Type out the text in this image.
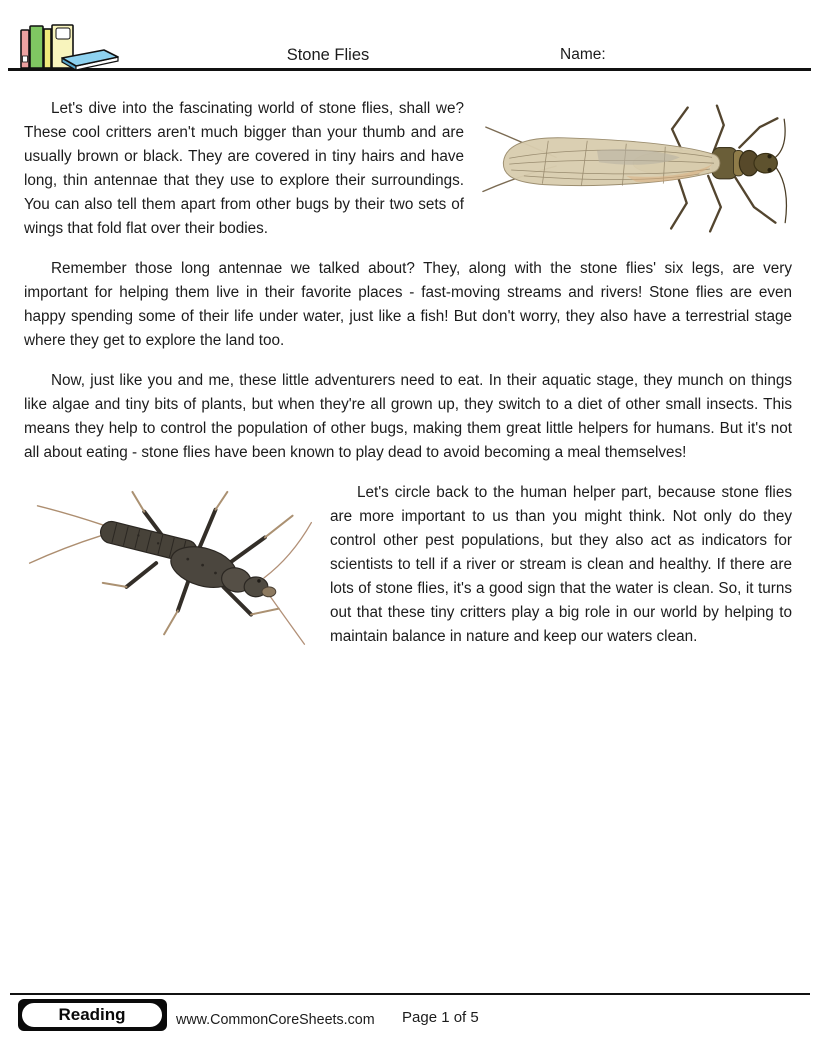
Stone Flies	Name:

Let's dive into the fascinating world of stone flies, shall we? These cool critters aren't much bigger than your thumb and are usually brown or black. They are covered in tiny hairs and have long, thin antennae that they use to explore their surroundings. You can also tell them apart from other bugs by their two sets of wings that fold flat over their bodies.

Remember those long antennae we talked about? They, along with the stone flies' six legs, are very important for helping them live in their favorite places - fast-moving streams and rivers! Stone flies are even happy spending some of their life under water, just like a fish! But don't worry, they also have a terrestrial stage where they get to explore the land too.

Now, just like you and me, these little adventurers need to eat. In their aquatic stage, they munch on things like algae and tiny bits of plants, but when they're all grown up, they switch to a diet of other small insects. This means they help to control the population of other bugs, making them great little helpers for humans. But it's not all about eating - stone flies have been known to play dead to avoid becoming a meal themselves!

Let's circle back to the human helper part, because stone flies are more important to us than you might think. Not only do they control other pest populations, but they also act as indicators for scientists to tell if a river or stream is clean and healthy. If there are lots of stone flies, it's a good sign that the water is clean. So, it turns out that these tiny critters play a big role in our world by helping to maintain balance in nature and keep our waters clean.

Reading	www.CommonCoreSheets.com Page 1 of 5
